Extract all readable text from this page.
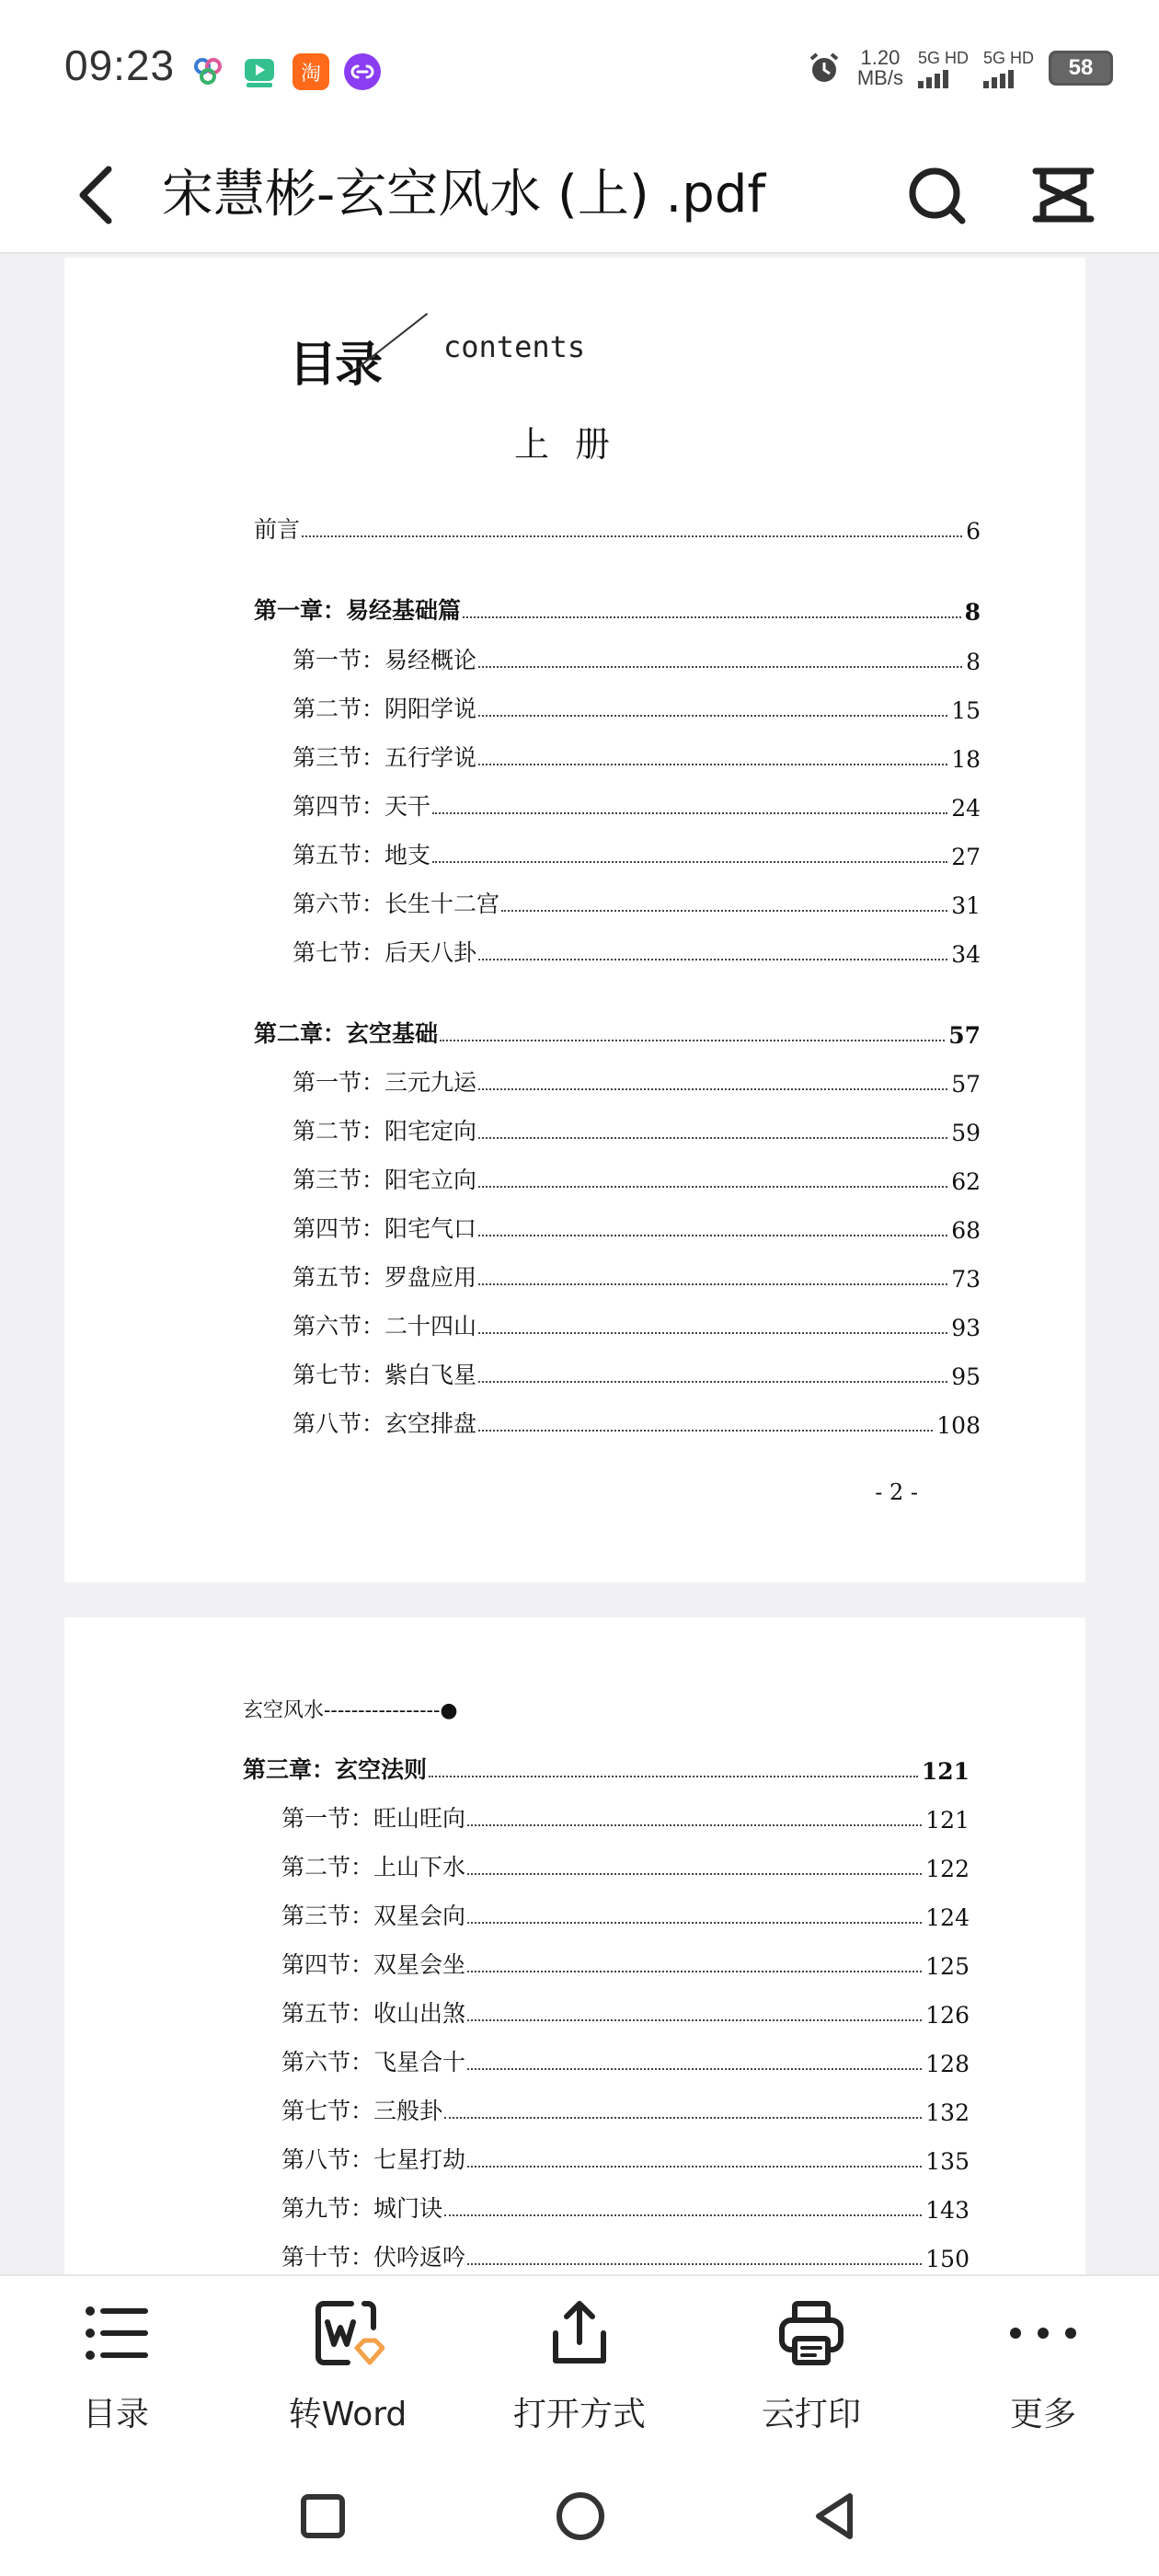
09:23	淘
1.20
MB/s
5G HD 5G HD	58
宋慧彬-玄空风水 (上) .pdf
目录 contents
上册
前言	6
第一章：易经基础篇	8
第一节：易经概论	8
第二节：阴阳学说	15
第三节：五行学说	18
第四节：天干	24
第五节：地支	27
第六节：长生十二宫	31
第七节：后天八卦	34
第二章：玄空基础	57
第一节：三元九运	57
第二节：阳宅定向	59
第三节：阳宅立向	62
第四节：阳宅气口	68
第五节：罗盘应用	73
第六节：二十四山	93
第七节：紫白飞星	95
第八节：玄空排盘	108
- 2 -
玄空风水-----------------●
第三章：玄空法则	121
第一节：旺山旺向	121
第二节：上山下水	122
第三节：双星会向	124
第四节：双星会坐	125
第五节：收山出煞	126
第六节：飞星合十	128
第七节：三般卦	132
第八节：七星打劫	135
第九节：城门诀	143
第十节：伏吟返吟	150
目录	转Word	打开方式	云打印	更多
